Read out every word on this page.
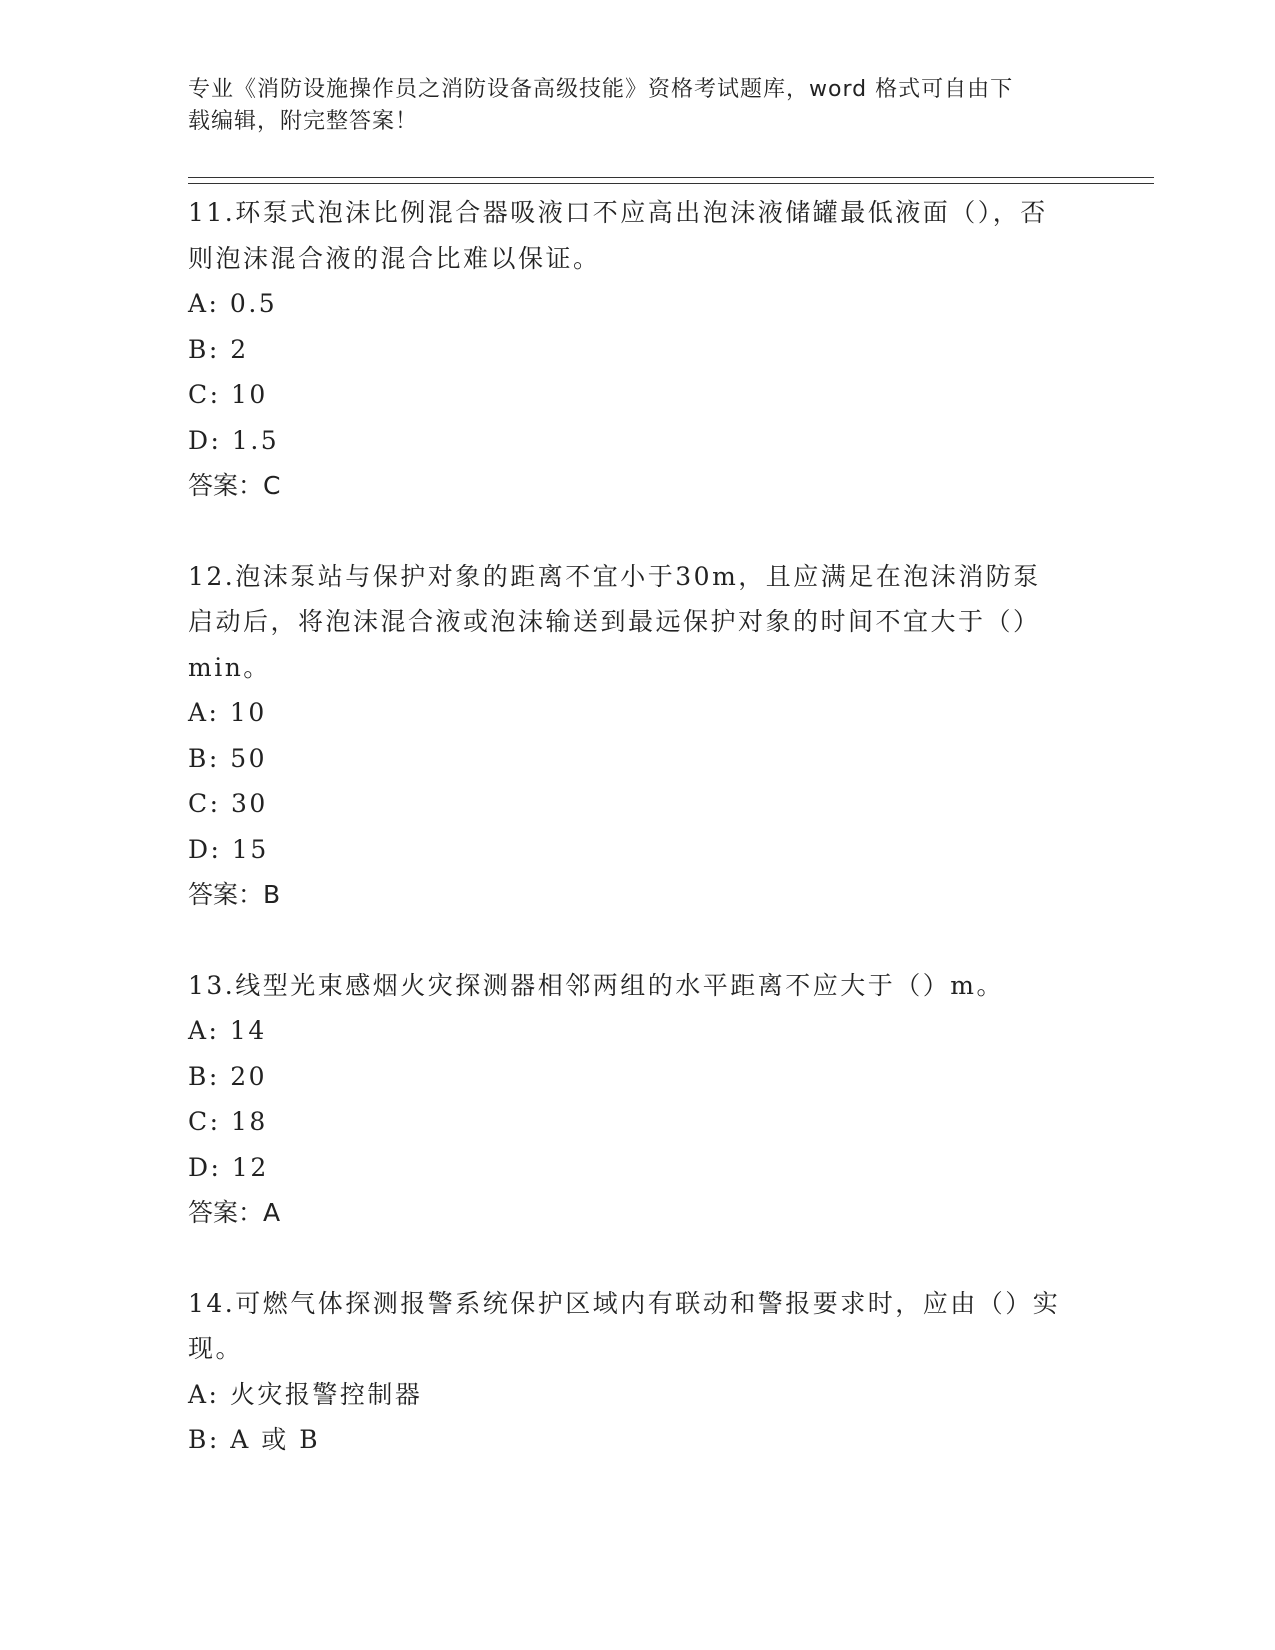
专业《消防设施操作员之消防设备高级技能》资格考试题库，word 格式可自由下
载编辑，附完整答案！

11.环泵式泡沫比例混合器吸液口不应高出泡沫液储罐最低液面（），否则泡沫混合液的混合比难以保证。

A: 0.5
B: 2
C: 10
D: 1.5
答案：C

12.泡沫泵站与保护对象的距离不宜小于30m，且应满足在泡沫消防泵启动后，将泡沫混合液或泡沫输送到最远保护对象的时间不宜大于（）min。

A: 10
B: 50
C: 30
D: 15
答案：B

13.线型光束感烟火灾探测器相邻两组的水平距离不应大于（）m。

A: 14
B: 20
C: 18
D: 12
答案：A

14.可燃气体探测报警系统保护区域内有联动和警报要求时，应由（）实现。

A: 火灾报警控制器
B: A 或 B
